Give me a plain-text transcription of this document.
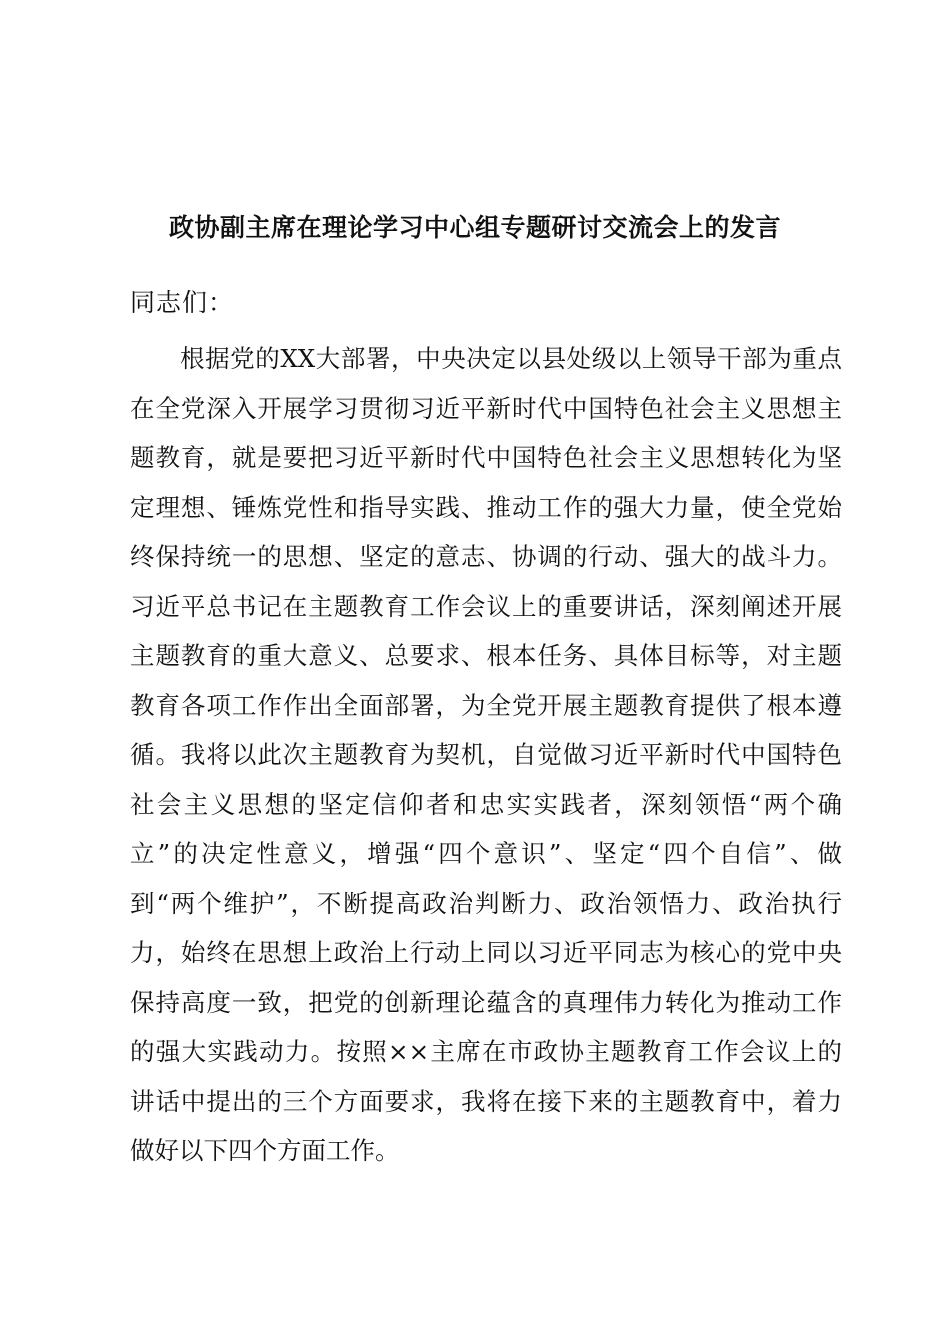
政协副主席在理论学习中心组专题研讨交流会上的发言
同志们：
根据党的XX大部署，中央决定以县处级以上领导干部为重点
在全党深入开展学习贯彻习近平新时代中国特色社会主义思想主
题教育，就是要把习近平新时代中国特色社会主义思想转化为坚
定理想、锤炼党性和指导实践、推动工作的强大力量，使全党始
终保持统一的思想、坚定的意志、协调的行动、强大的战斗力。
习近平总书记在主题教育工作会议上的重要讲话，深刻阐述开展
主题教育的重大意义、总要求、根本任务、具体目标等，对主题
教育各项工作作出全面部署，为全党开展主题教育提供了根本遵
循。我将以此次主题教育为契机，自觉做习近平新时代中国特色
社会主义思想的坚定信仰者和忠实实践者，深刻领悟“两个确
立”的决定性意义，增强“四个意识”、坚定“四个自信”、做
到“两个维护”，不断提高政治判断力、政治领悟力、政治执行
力，始终在思想上政治上行动上同以习近平同志为核心的党中央
保持高度一致，把党的创新理论蕴含的真理伟力转化为推动工作
的强大实践动力。按照××主席在市政协主题教育工作会议上的
讲话中提出的三个方面要求，我将在接下来的主题教育中，着力
做好以下四个方面工作。
